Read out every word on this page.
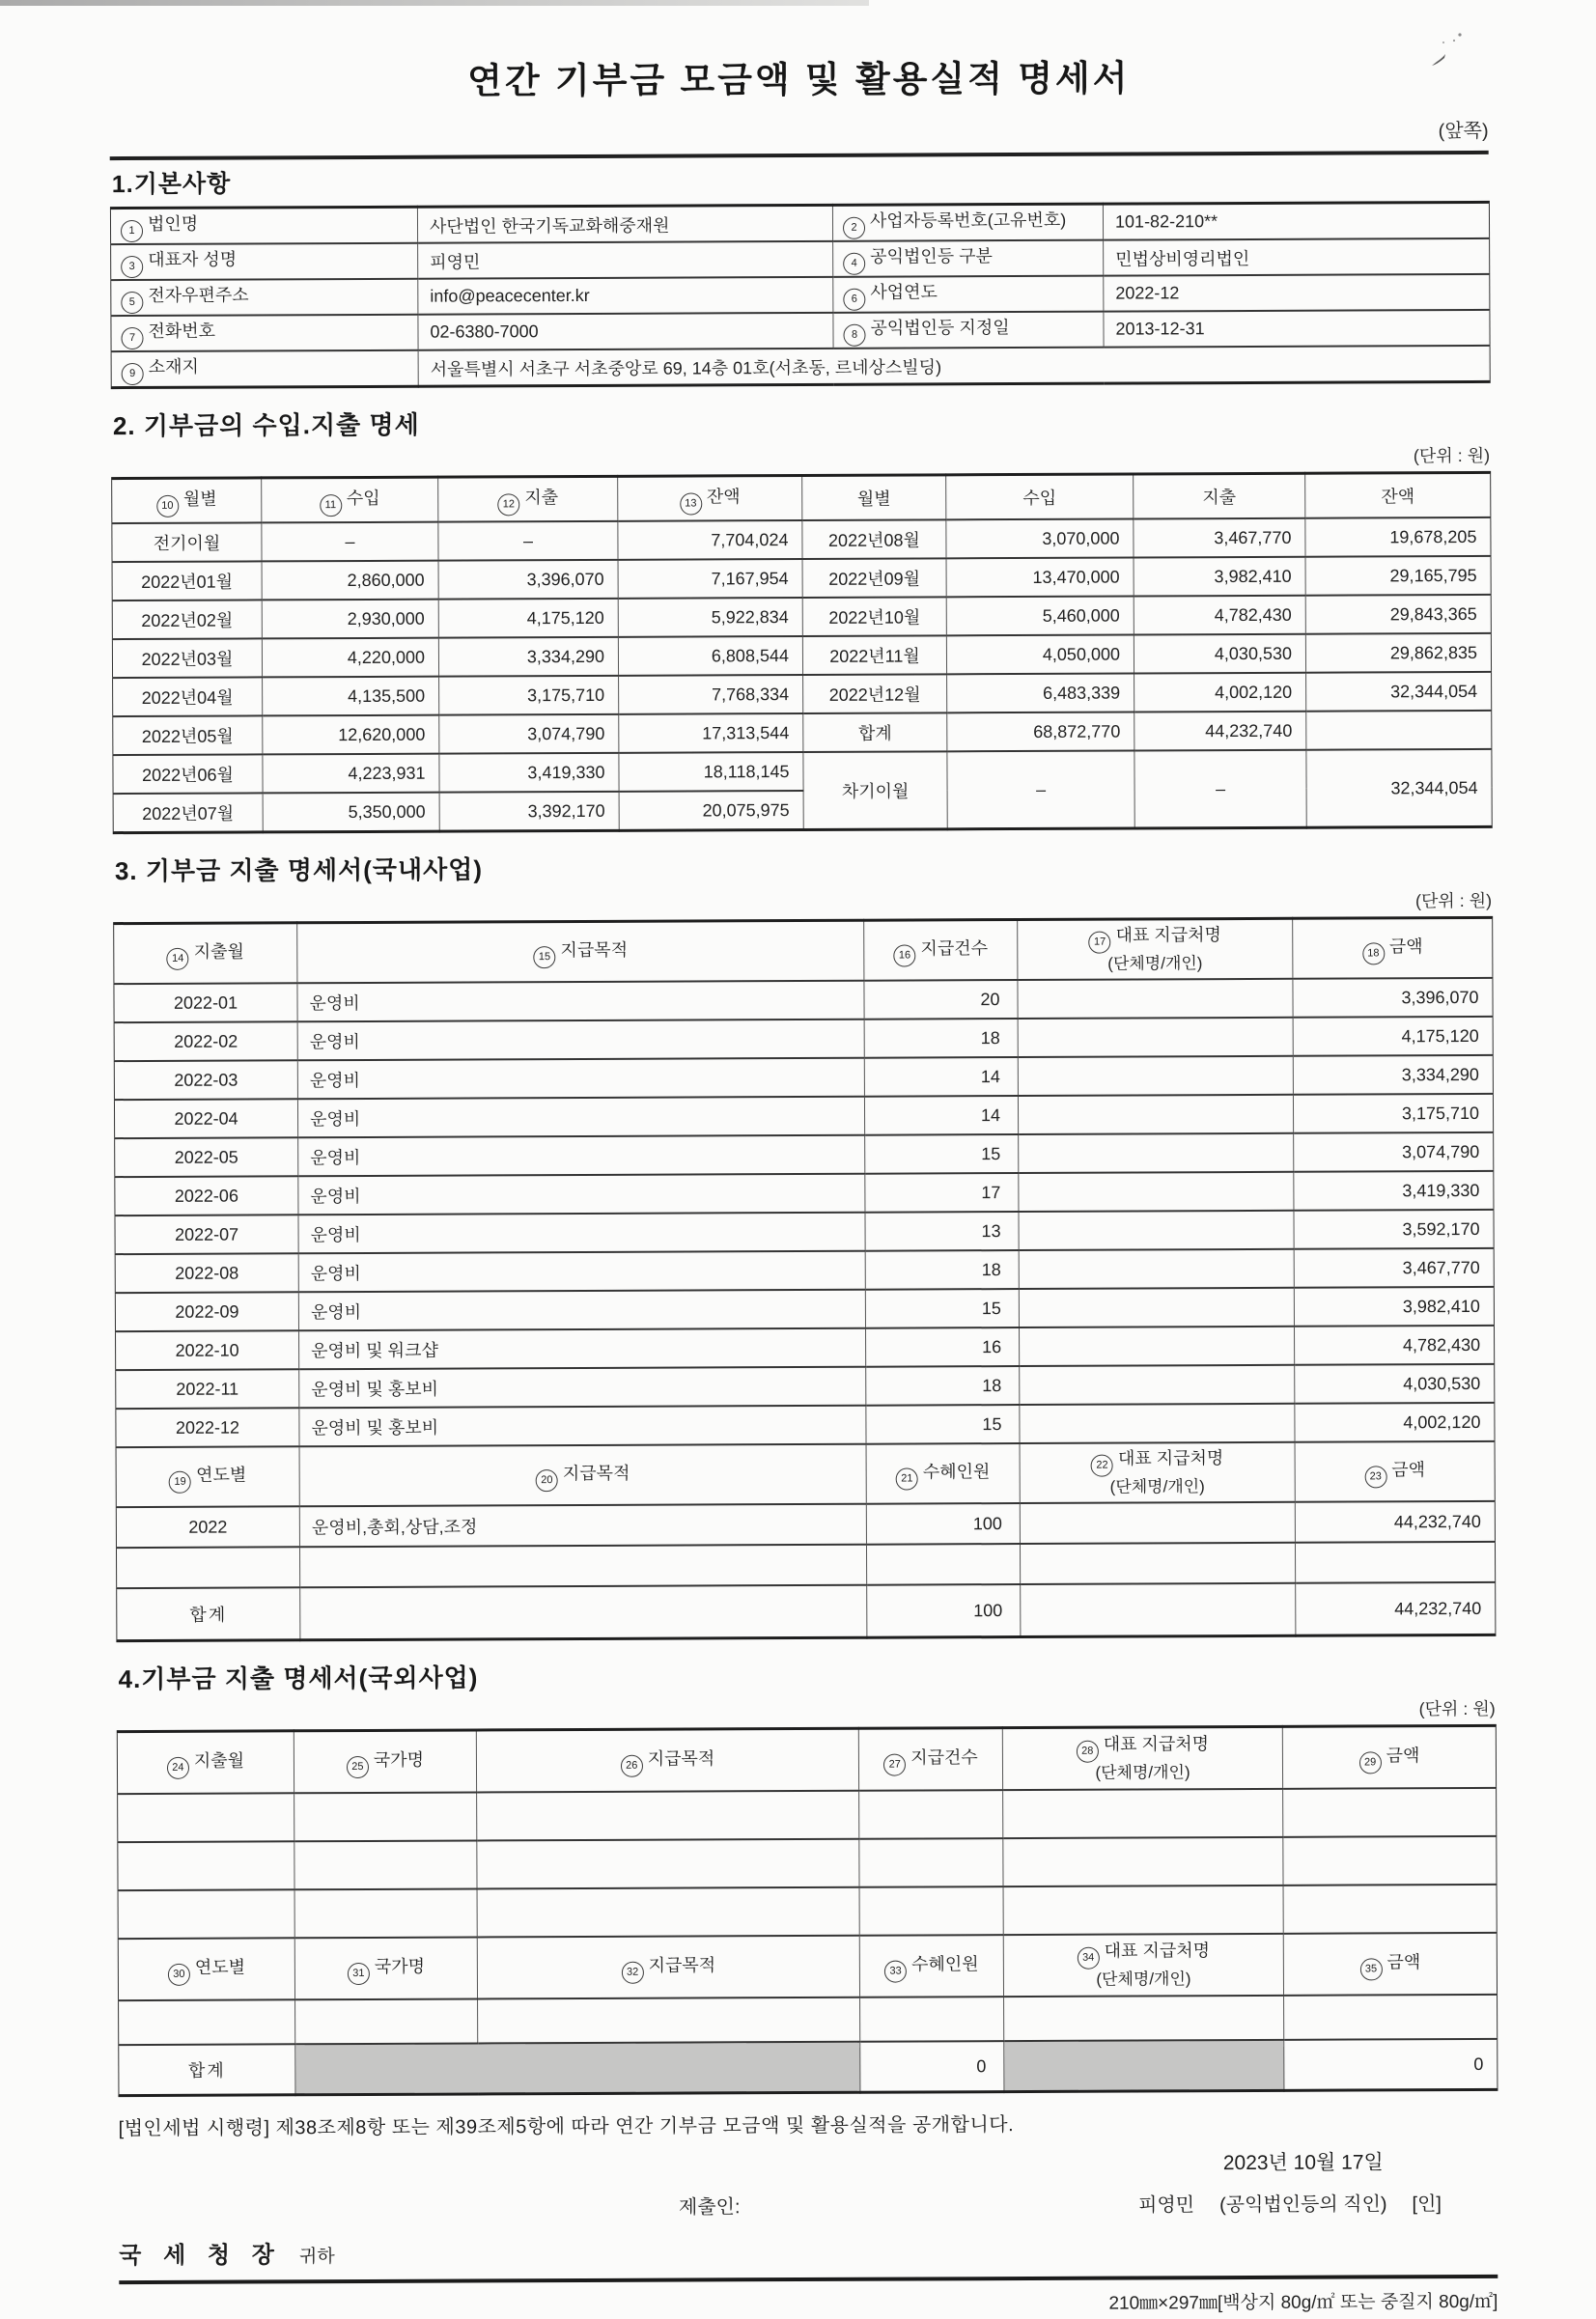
연간 기부금 모금액 및 활용실적 명세서
(앞쪽)
1.기본사항
1 법인명	사단법인 한국기독교화해중재원	2 사업자등록번호(고유번호)	101-82-210**
3 대표자 성명	피영민	4 공익법인등 구분	민법상비영리법인
5 전자우편주소	info@peacecenter.kr	6 사업연도	2022-12
7 전화번호	02-6380-7000	8 공익법인등 지정일	2013-12-31
9 소재지	서울특별시 서초구 서초중앙로 69, 14층 01호(서초동, 르네상스빌딩)		
2. 기부금의 수입.지출 명세
(단위 : 원)
10 월별	11 수입	12 지출	13 잔액	월별	수입	지출	잔액
전기이월	–	–	7,704,024	2022년08월	3,070,000	3,467,770	19,678,205
2022년01월	2,860,000	3,396,070	7,167,954	2022년09월	13,470,000	3,982,410	29,165,795
2022년02월	2,930,000	4,175,120	5,922,834	2022년10월	5,460,000	4,782,430	29,843,365
2022년03월	4,220,000	3,334,290	6,808,544	2022년11월	4,050,000	4,030,530	29,862,835
2022년04월	4,135,500	3,175,710	7,768,334	2022년12월	6,483,339	4,002,120	32,344,054
2022년05월	12,620,000	3,074,790	17,313,544	합계	68,872,770	44,232,740	
2022년06월	4,223,931	3,419,330	18,118,145	차기이월	–	–	32,344,054
2022년07월	5,350,000	3,392,170	20,075,975				
3. 기부금 지출 명세서(국내사업)
(단위 : 원)
14 지출월	15 지급목적	16 지급건수	17 대표 지급처명
(단체명/개인)	18 금액
2022-01	운영비	20		3,396,070
2022-02	운영비	18		4,175,120
2022-03	운영비	14		3,334,290
2022-04	운영비	14		3,175,710
2022-05	운영비	15		3,074,790
2022-06	운영비	17		3,419,330
2022-07	운영비	13		3,592,170
2022-08	운영비	18		3,467,770
2022-09	운영비	15		3,982,410
2022-10	운영비 및 워크샵	16		4,782,430
2022-11	운영비 및 홍보비	18		4,030,530
2022-12	운영비 및 홍보비	15		4,002,120
19 연도별	20 지급목적	21 수혜인원	22 대표 지급처명
(단체명/개인)	23 금액
2022	운영비,총회,상담,조정	100		44,232,740

합계		100		44,232,740
4.기부금 지출 명세서(국외사업)
(단위 : 원)
24 지출월	25 국가명	26 지급목적	27 지급건수	28 대표 지급처명
(단체명/개인)	29 금액

30 연도별	31 국가명	32 지급목적	33 수혜인원	34 대표 지급처명
(단체명/개인)	35 금액

합계			0		0
[법인세법 시행령] 제38조제8항 또는 제39조제5항에 따라 연간 기부금 모금액 및 활용실적을 공개합니다.
2023년 10월 17일
제출인:	피영민 (공익법인등의 직인) [인]
국 세 청 장 귀하
210㎜×297㎜[백상지 80g/㎡ 또는 중질지 80g/㎡]
